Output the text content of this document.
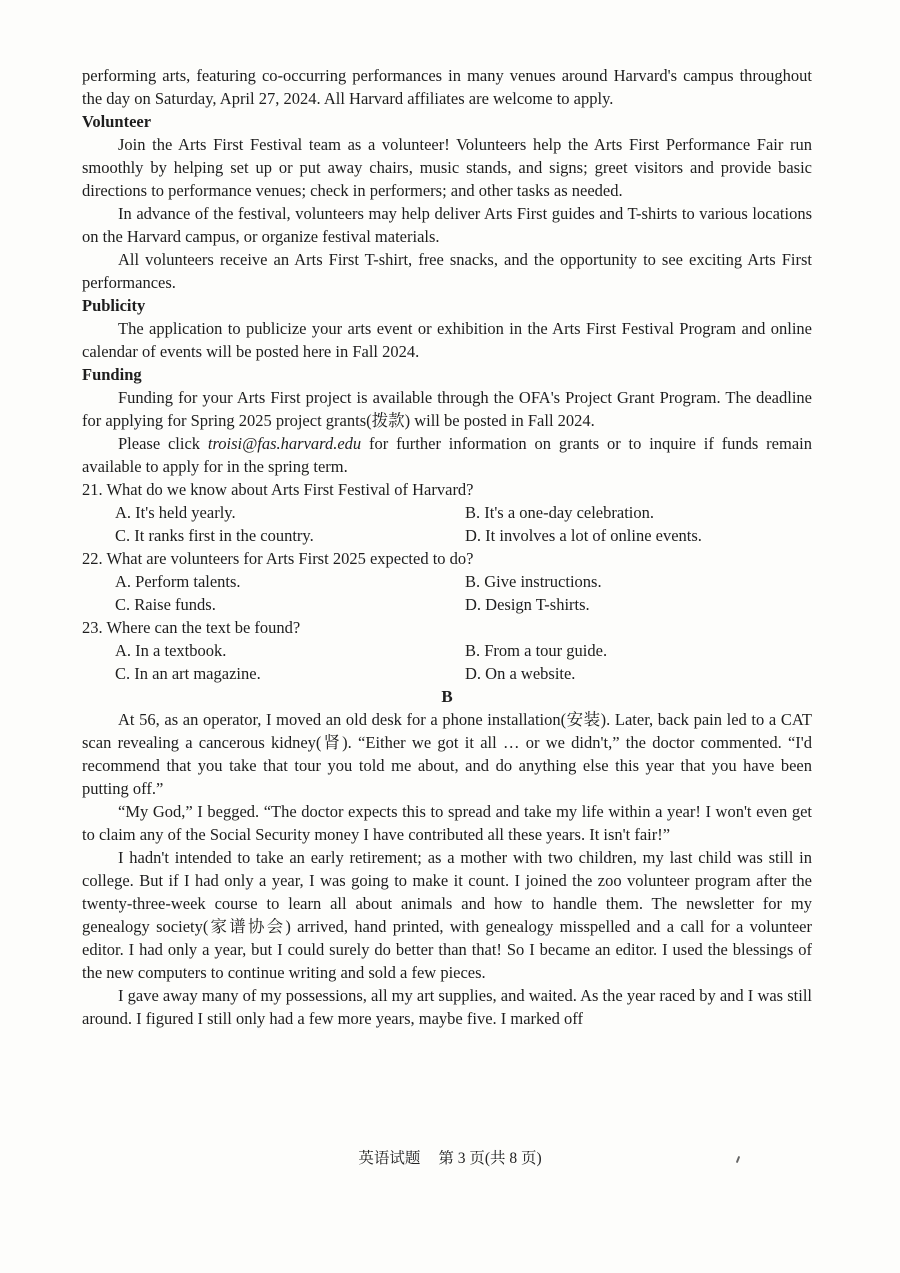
performing arts, featuring co-occurring performances in many venues around Harvard's campus throughout the day on Saturday, April 27, 2024. All Harvard affiliates are welcome to apply.

Volunteer

Join the Arts First Festival team as a volunteer! Volunteers help the Arts First Performance Fair run smoothly by helping set up or put away chairs, music stands, and signs; greet visitors and provide basic directions to performance venues; check in performers; and other tasks as needed.

In advance of the festival, volunteers may help deliver Arts First guides and T-shirts to various locations on the Harvard campus, or organize festival materials.

All volunteers receive an Arts First T-shirt, free snacks, and the opportunity to see exciting Arts First performances.

Publicity

The application to publicize your arts event or exhibition in the Arts First Festival Program and online calendar of events will be posted here in Fall 2024.

Funding

Funding for your Arts First project is available through the OFA's Project Grant Program. The deadline for applying for Spring 2025 project grants(拨款) will be posted in Fall 2024.

Please click troisi@fas.harvard.edu for further information on grants or to inquire if funds remain available to apply for in the spring term.

21. What do we know about Arts First Festival of Harvard?

A. It's held yearly.	B. It's a one-day celebration.
C. It ranks first in the country.	D. It involves a lot of online events.

22. What are volunteers for Arts First 2025 expected to do?

A. Perform talents.	B. Give instructions.
C. Raise funds.	D. Design T-shirts.

23. Where can the text be found?

A. In a textbook.	B. From a tour guide.
C. In an art magazine.	D. On a website.

B

At 56, as an operator, I moved an old desk for a phone installation(安装). Later, back pain led to a CAT scan revealing a cancerous kidney(肾). “Either we got it all … or we didn't,” the doctor commented. “I'd recommend that you take that tour you told me about, and do anything else this year that you have been putting off.”

“My God,” I begged. “The doctor expects this to spread and take my life within a year! I won't even get to claim any of the Social Security money I have contributed all these years. It isn't fair!”

I hadn't intended to take an early retirement; as a mother with two children, my last child was still in college. But if I had only a year, I was going to make it count. I joined the zoo volunteer program after the twenty-three-week course to learn all about animals and how to handle them. The newsletter for my genealogy society(家谱协会) arrived, hand printed, with genealogy misspelled and a call for a volunteer editor. I had only a year, but I could surely do better than that! So I became an editor. I used the blessings of the new computers to continue writing and sold a few pieces.

I gave away many of my possessions, all my art supplies, and waited. As the year raced by and I was still around. I figured I still only had a few more years, maybe five. I marked off

英语试题 第 3 页(共 8 页)
